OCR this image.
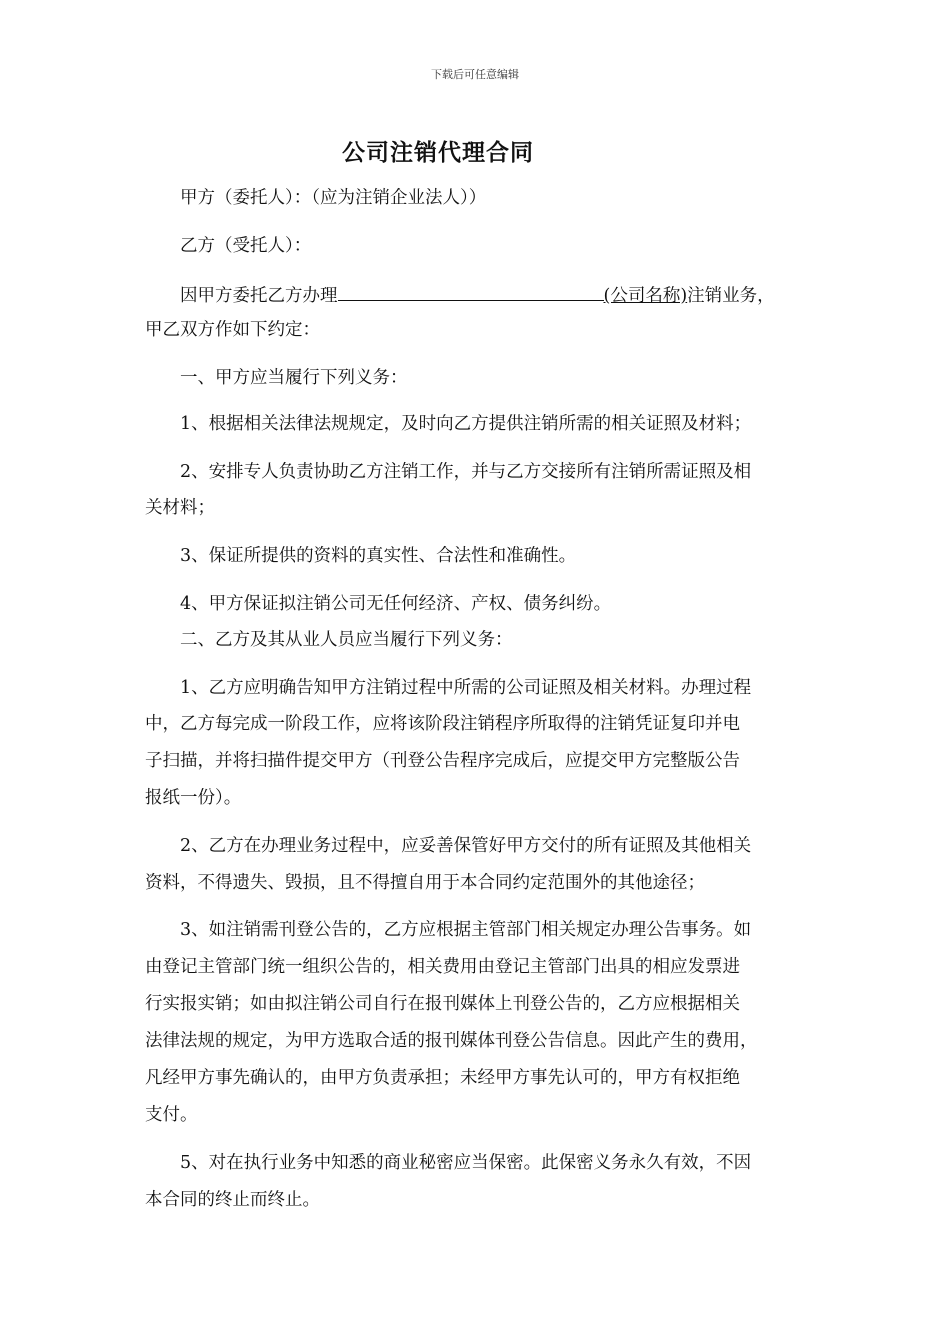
下载后可任意编辑
公司注销代理合同
甲方（委托人）：（应为注销企业法人））
乙方（受托人）：
因甲方委托乙方办理	(公司名称)注销业务，
甲乙双方作如下约定：
一、甲方应当履行下列义务：
1、根据相关法律法规规定，及时向乙方提供注销所需的相关证照及材料；
2、安排专人负责协助乙方注销工作，并与乙方交接所有注销所需证照及相
关材料；
3、保证所提供的资料的真实性、合法性和准确性。
4、甲方保证拟注销公司无任何经济、产权、债务纠纷。
二、乙方及其从业人员应当履行下列义务：
1、乙方应明确告知甲方注销过程中所需的公司证照及相关材料。办理过程
中，乙方每完成一阶段工作，应将该阶段注销程序所取得的注销凭证复印并电
子扫描，并将扫描件提交甲方（刊登公告程序完成后，应提交甲方完整版公告
报纸一份）。
2、乙方在办理业务过程中，应妥善保管好甲方交付的所有证照及其他相关
资料，不得遗失、毁损，且不得擅自用于本合同约定范围外的其他途径；
3、如注销需刊登公告的，乙方应根据主管部门相关规定办理公告事务。如
由登记主管部门统一组织公告的，相关费用由登记主管部门出具的相应发票进
行实报实销；如由拟注销公司自行在报刊媒体上刊登公告的，乙方应根据相关
法律法规的规定，为甲方选取合适的报刊媒体刊登公告信息。因此产生的费用，
凡经甲方事先确认的，由甲方负责承担；未经甲方事先认可的，甲方有权拒绝
支付。
5、对在执行业务中知悉的商业秘密应当保密。此保密义务永久有效，不因
本合同的终止而终止。
